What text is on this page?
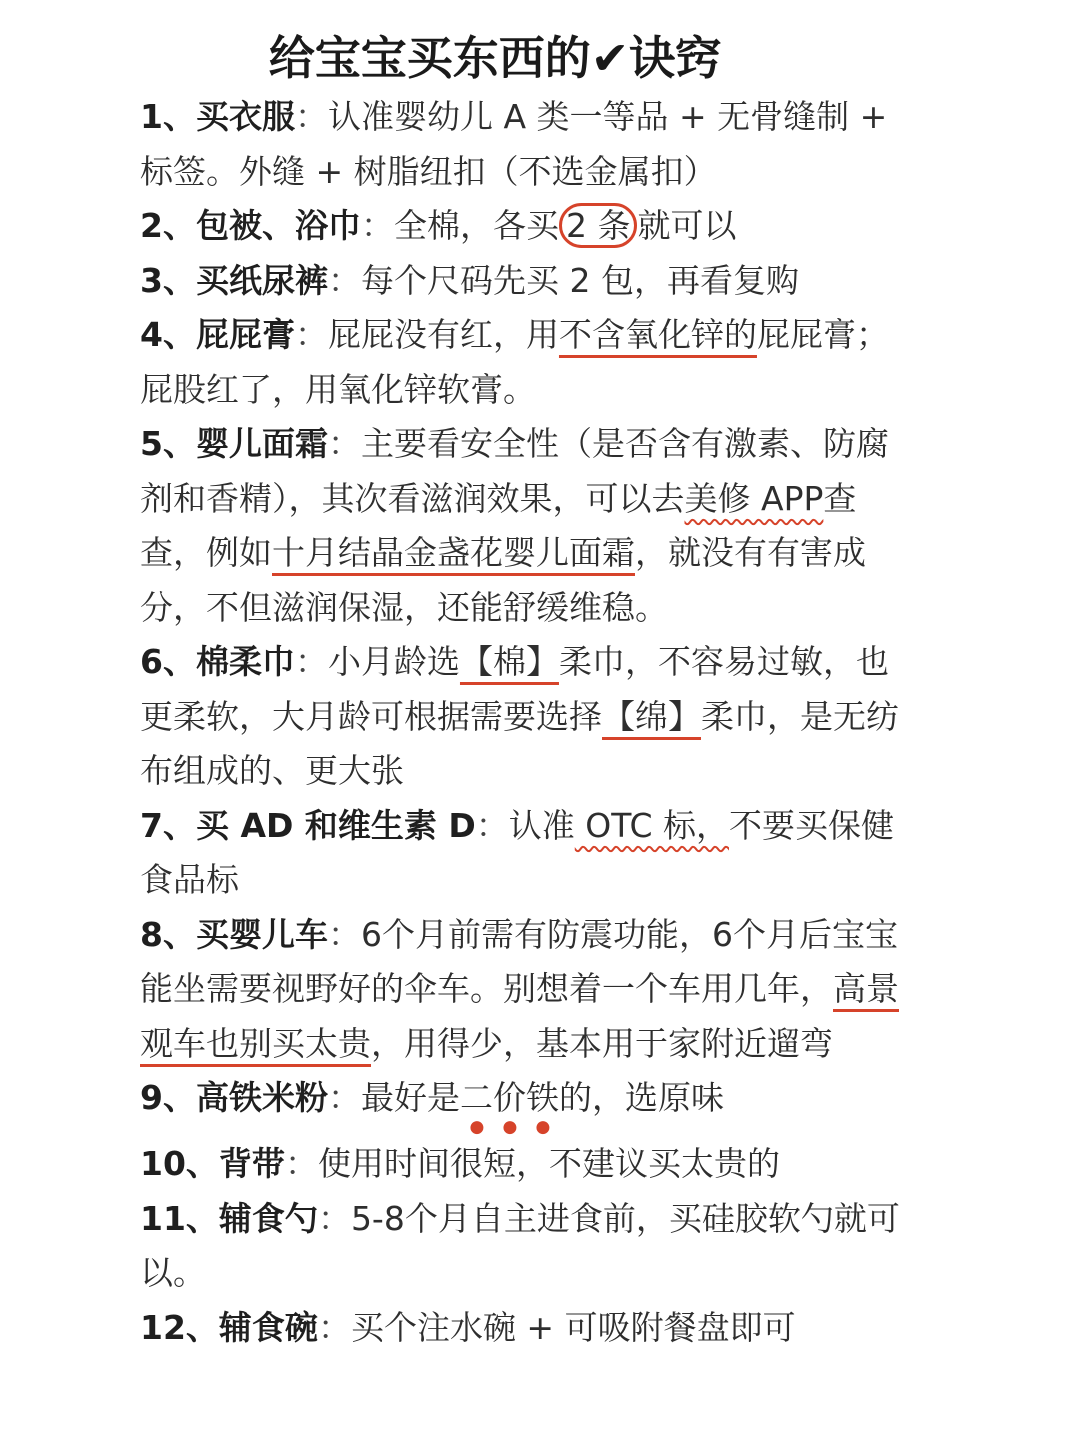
给宝宝买东西的✔诀窍

1、买衣服：认准婴幼儿 A 类一等品 + 无骨缝制 + 标签。外缝 + 树脂纽扣（不选金属扣）

2、包被、浴巾：全棉，各买 2 条 就可以

3、买纸尿裤：每个尺码先买 2 包，再看复购

4、屁屁膏：屁屁没有红，用不含氧化锌的屁屁膏；屁股红了，用氧化锌软膏。

5、婴儿面霜：主要看安全性（是否含有激素、防腐剂和香精），其次看滋润效果，可以去美修 APP查查，例如十月结晶金盏花婴儿面霜，就没有有害成分，不但滋润保湿，还能舒缓维稳。

6、棉柔巾：小月龄选【棉】柔巾，不容易过敏，也更柔软，大月龄可根据需要选择【绵】柔巾，是无纺布组成的、更大张

7、买 AD 和维生素 D：认准 OTC 标，不要买保健食品标

8、买婴儿车：6个月前需有防震功能，6个月后宝宝能坐需要视野好的伞车。别想着一个车用几年，高景观车也别买太贵，用得少，基本用于家附近遛弯

9、高铁米粉：最好是二价铁的，选原味

10、背带：使用时间很短，不建议买太贵的

11、辅食勺：5-8个月自主进食前，买硅胶软勺就可以。

12、辅食碗：买个注水碗 + 可吸附餐盘即可
